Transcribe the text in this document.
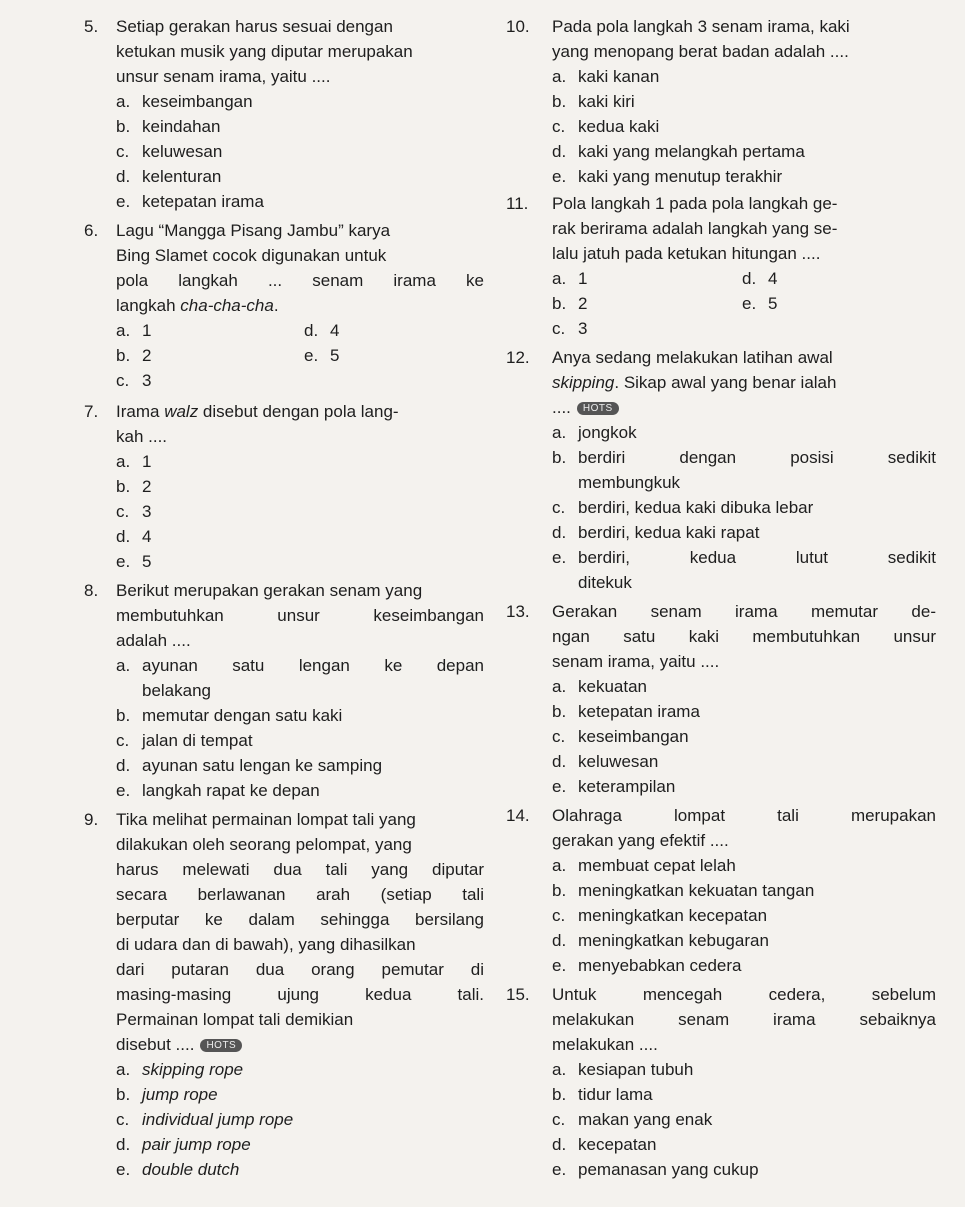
5. Setiap gerakan harus sesuai dengan
ketukan musik yang diputar merupakan
unsur senam irama, yaitu ....
a. keseimbangan
b. keindahan
c. keluwesan
d. kelenturan
e. ketepatan irama
6. Lagu “Mangga Pisang Jambu” karya
Bing Slamet cocok digunakan untuk
pola langkah ... senam irama ke
langkah cha-cha-cha.
a. 1	d. 4
b. 2	e. 5
c. 3
7. Irama walz disebut dengan pola lang-
kah ....
a. 1
b. 2
c. 3
d. 4
e. 5
8. Berikut merupakan gerakan senam yang
membutuhkan unsur keseimbangan
adalah ....
a. ayunan satu lengan ke depan
belakang
b. memutar dengan satu kaki
c. jalan di tempat
d. ayunan satu lengan ke samping
e. langkah rapat ke depan
9. Tika melihat permainan lompat tali yang
dilakukan oleh seorang pelompat, yang
harus melewati dua tali yang diputar
secara berlawanan arah (setiap tali
berputar ke dalam sehingga bersilang
di udara dan di bawah), yang dihasilkan
dari putaran dua orang pemutar di
masing-masing ujung kedua tali.
Permainan lompat tali demikian
disebut .... HOTS
a. skipping rope
b. jump rope
c. individual jump rope
d. pair jump rope
e. double dutch
10. Pada pola langkah 3 senam irama, kaki
yang menopang berat badan adalah ....
a. kaki kanan
b. kaki kiri
c. kedua kaki
d. kaki yang melangkah pertama
e. kaki yang menutup terakhir
11. Pola langkah 1 pada pola langkah ge-
rak berirama adalah langkah yang se-
lalu jatuh pada ketukan hitungan ....
a. 1	d. 4
b. 2	e. 5
c. 3
12. Anya sedang melakukan latihan awal
skipping. Sikap awal yang benar ialah
.... HOTS
a. jongkok
b. berdiri dengan posisi sedikit
membungkuk
c. berdiri, kedua kaki dibuka lebar
d. berdiri, kedua kaki rapat
e. berdiri, kedua lutut sedikit
ditekuk
13. Gerakan senam irama memutar de-
ngan satu kaki membutuhkan unsur
senam irama, yaitu ....
a. kekuatan
b. ketepatan irama
c. keseimbangan
d. keluwesan
e. keterampilan
14. Olahraga lompat tali merupakan
gerakan yang efektif ....
a. membuat cepat lelah
b. meningkatkan kekuatan tangan
c. meningkatkan kecepatan
d. meningkatkan kebugaran
e. menyebabkan cedera
15. Untuk mencegah cedera, sebelum
melakukan senam irama sebaiknya
melakukan ....
a. kesiapan tubuh
b. tidur lama
c. makan yang enak
d. kecepatan
e. pemanasan yang cukup
